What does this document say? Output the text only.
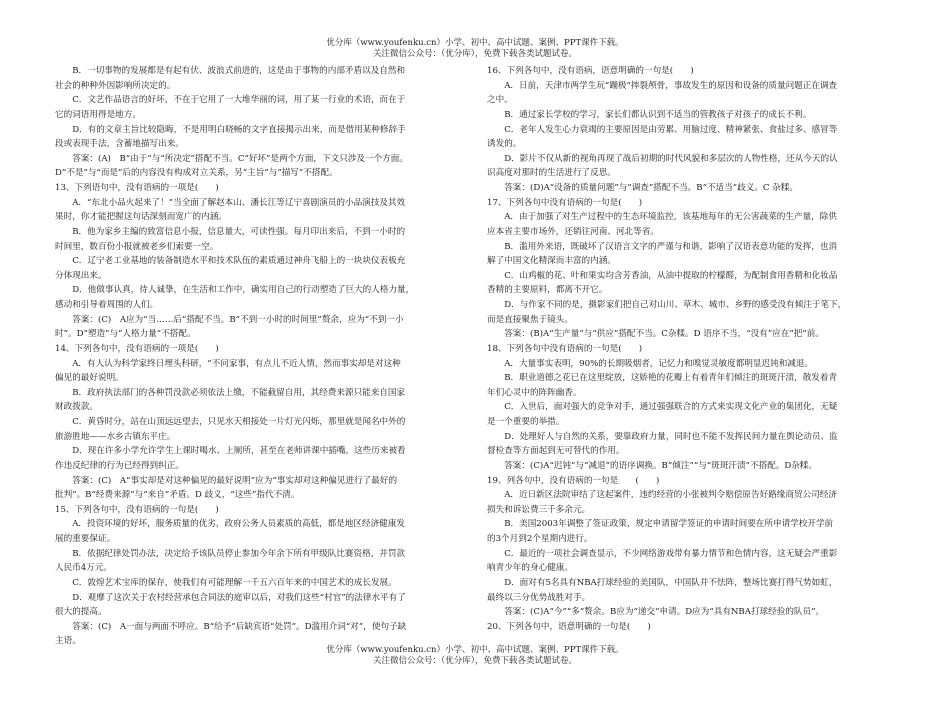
优分库（www.youfenku.cn）小学、初中、高中试题、案例、PPT课件下载。
关注微信公众号：（优分库），免费下载各类试题试卷。

B．一切事物的发展都是有起有伏、波浪式前进的，这是由于事物的内部矛盾以及自然和

社会的种种外因影响所决定的。

C．文艺作品语言的好坏，不在于它用了一大堆华丽的词，用了某一行业的术语，而在于

它的词语用得是地方。

D．有的文章主旨比较隐晦，不是用明白晓畅的文字直接揭示出来，而是借用某种修辞手

段或表现手法，含蓄地描写出来。

答案：(A)　B“由于”与“所决定”搭配不当。C“好坏”是两个方面，下文只涉及一个方面。

D“不是”与“而是”后的内容没有构成对立关系，另“主旨”与“描写”不搭配。

13、下列语句中，没有语病的一项是(　　)

A．“东北小品火起来了！”当全面了解赵本山、潘长江等辽宁喜剧演员的小品演技及其效

果时，你才能把握这句话深刻而宽广的内涵。

B．他为家乡主编的致富信息小报，信息量大，可读性强。每月印出来后，不到一小时的

时间里，数百份小报就被老乡们索要一空。

C．辽宁老工业基地的装备制造水平和技术队伍的素质通过神舟飞船上的一块块仪表板充

分体现出来。

D．他做事认真，待人诚挚，在生活和工作中，确实用自己的行动塑造了巨大的人格力量，

感动和引导着周围的人们。

答案：(C)　A应为“当……后”搭配不当。B“不到一小时的时间里”赘余，应为“不到一小

时”。D“塑造”与“人格力量”不搭配。

14、下列各句中，没有语病的一项是(　　)

A．有人认为科学家终日埋头科研，“不问家事，有点儿不近人情，然而事实却是对这种

偏见的最好说明。

B．政府执法部门的各种罚没款必须依法上缴，不能截留自用，其经费来源只能来自国家

财政拨款。

C．黄昏时分，站在山顶远远望去，只见水天相接处一片灯光闪烁，那里就是闻名中外的

旅游胜地——水乡古镇东平庄。

D．现在许多小学允许学生上课时喝水、上厕所，甚至在老师讲课中插嘴，这些历来被看

作违反纪律的行为已经得到纠正。

答案：(C)　A“事实却是对这种偏见的最好说明”应为“事实却对这种偏见进行了最好的

批判”。B“经费来源”与“来自”矛盾。D 歧义，“这些”指代不清。

15、下列各句中，没有语病的一句是(　　)

A．投资环境的好坏，服务质量的优劣，政府公务人员素质的高低，都是地区经济健康发

展的重要保证。

B．依据纪律处罚办法，决定给予该队员停止参加今年余下所有甲级队比赛资格，并罚款

人民币4万元。

C．敦煌艺术宝库的保存，使我们有可能理解一千五六百年来的中国艺术的成长发展。

D．观摩了这次关于农村经营承包合同法的庭审以后，对我们这些“村官”的法律水平有了

很大的提高。

答案：(C)　A一面与两面不呼应。B“给予”后缺宾语“处罚”。D滥用介词“对”，使句子缺

主语。

16、下列各句中，没有语病，语意明确的一句是(　　)

A．日前，天津市两学生玩“蹦极”摔裂颅骨，事故发生的原因和设备的质量问题正在调查

之中。

B．通过家长学校的学习，家长们都认识到不适当的管教孩子对孩子的成长不利。

C．老年人发生心力衰竭的主要原因是由劳累、用脑过度、精神紧张、食盐过多、感冒等

诱发的。

D．影片不仅从新的视角再现了战后初期的时代风貌和多层次的人物性格，还从今天的认

识高度对那时的生活进行了反思。

答案：(D)A“设备的质量问题”与“调查”搭配不当。B“不适当”歧义。C 杂糅。

17、下列各句中没有语病的一句是(　　)

A．由于加强了对生产过程中的生态环境监控，该基地每年的无公害蔬菜的生产量，除供

应本省主要市场外，还销往河南、河北等省。

B．滥用外来语，既破坏了汉语言文字的严谨与和谐，影响了汉语表意功能的发挥，也消

解了中国文化精深而丰富的内涵。

C．山鸡椒的花、叶和果实均含芳香油，从油中提取的柠檬醛，为配制食用香精和化妆品

香精的主要原料，都离不开它。

D．与作家不同的是，摄影家们把自己对山川、草木、城市、乡野的感受没有倾注于笔下，

而是直接聚焦于镜头。

答案：(B)A“生产量”与“供应”搭配不当。C杂糅。D 语序不当，“没有”应在“把”前。

18、下列各句中没有语病的一句是(　　)

A．大量事实表明，90%的长期吸烟者，记忆力和嗅觉灵敏度都明显迟钝和减退。

B．职业道德之花已在这里绽放，这娇艳的花瓣上有着青年们倾注的斑斑汗渍，散发着青

年们心灵中的阵阵幽香。

C．入世后，面对强大的竞争对手，通过强强联合的方式来实现文化产业的集团化，无疑

是一个重要的举措。

D．处理好人与自然的关系，要靠政府力量，同时也不能不发挥民间力量在舆论动员、监

督检查等方面起到无可替代的作用。

答案：(C)A“迟钝”与“减退”的语序调换。B“倾注”“与“斑斑汗渍”不搭配。D杂糅。

19、列各句中，没有语病的一句是　　(　　)

A．近日新区法院审结了这起案件，违约经营的小张被判令赔偿原告好路缘商贸公司经济

损失和诉讼费三千多余元。

B．美国2003年调整了签证政策，规定申请留学签证的申请时间要在所申请学校开学前

的3个月到2个星期内进行。

C．最近的一项社会调查显示，不少网络游戏带有暴力情节和色情内容，这无疑会严重影

响青少年的身心健康。

D．面对有5名具有NBA打球经验的美国队，中国队并不怯阵，整场比赛打得气势如虹，

最终以三分优势战胜对手。

答案：(C)A“今”“多”赘余。B应为“递交”申请。D应为“具有NBA打球经验的队员”。

20、下列各句中，语意明确的一句是(　　)

优分库（www.youfenku.cn）小学、初中、高中试题、案例、PPT课件下载。
关注微信公众号：（优分库），免费下载各类试题试卷。
